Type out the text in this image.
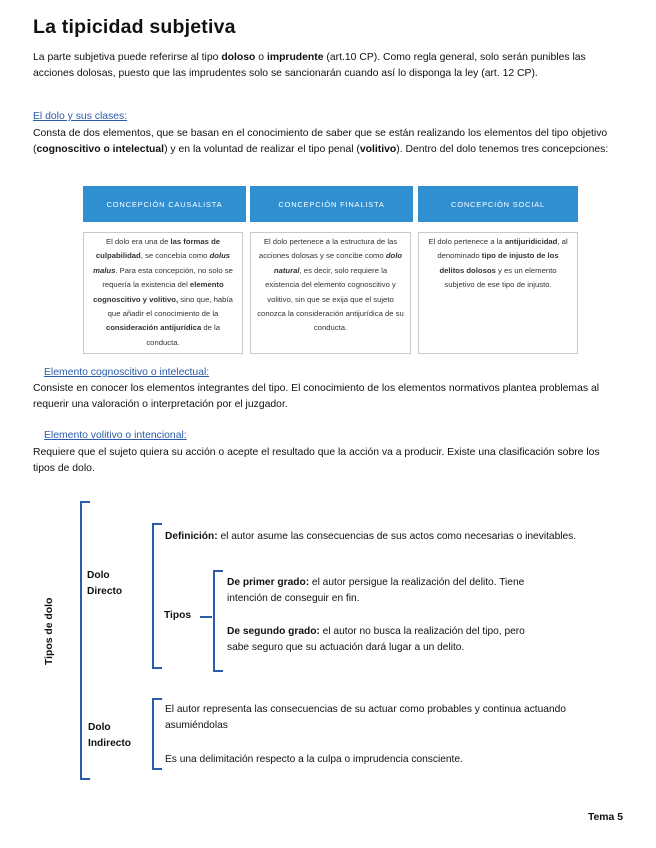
La tipicidad subjetiva
La parte subjetiva puede referirse al tipo doloso o imprudente (art.10 CP). Como regla general, solo serán punibles las acciones dolosas, puesto que las imprudentes solo se sancionarán cuando así lo disponga la ley (art. 12 CP).
El dolo y sus clases:
Consta de dos elementos, que se basan en el conocimiento de saber que se están realizando los elementos del tipo objetivo (cognoscitivo o intelectual) y en la voluntad de realizar el tipo penal (volitivo). Dentro del dolo tenemos tres concepciones:
CONCEPCIÓN CAUSALISTA	CONCEPCIÓN FINALISTA	CONCEPCIÓN SOCIAL
El dolo era una de las formas de culpabilidad, se concebía como dolus malus. Para esta concepción, no solo se requería la existencia del elemento cognoscitivo y volitivo, sino que, había que añadir el conocimiento de la consideración antijurídica de la conducta.
El dolo pertenece a la estructura de las acciones dolosas y se concibe como dolo natural, es decir, solo requiere la existencia del elemento cognoscitivo y volitivo, sin que se exija que el sujeto conozca la consideración antijurídica de su conducta.
El dolo pertenece a la antijuridicidad, al denominado tipo de injusto de los delitos dolosos y es un elemento subjetivo de ese tipo de injusto.
Elemento cognoscitivo o intelectual:
Consiste en conocer los elementos integrantes del tipo. El conocimiento de los elementos normativos plantea problemas al requerir una valoración o interpretación por el juzgador.
Elemento volitivo o intencional:
Requiere que el sujeto quiera su acción o acepte el resultado que la acción va a producir. Existe una clasificación sobre los tipos de dolo.
Tipos de dolo
Dolo
Directo
Definición: el autor asume las consecuencias de sus actos como necesarias o inevitables.
Tipos
De primer grado: el autor persigue la realización del delito. Tiene intención de conseguir en fin.
De segundo grado: el autor no busca la realización del tipo, pero sabe seguro que su actuación dará lugar a un delito.
Dolo
Indirecto
El autor representa las consecuencias de su actuar como probables y continua actuando asumiéndolas
Es una delimitación respecto a la culpa o imprudencia consciente.
Tema 5
